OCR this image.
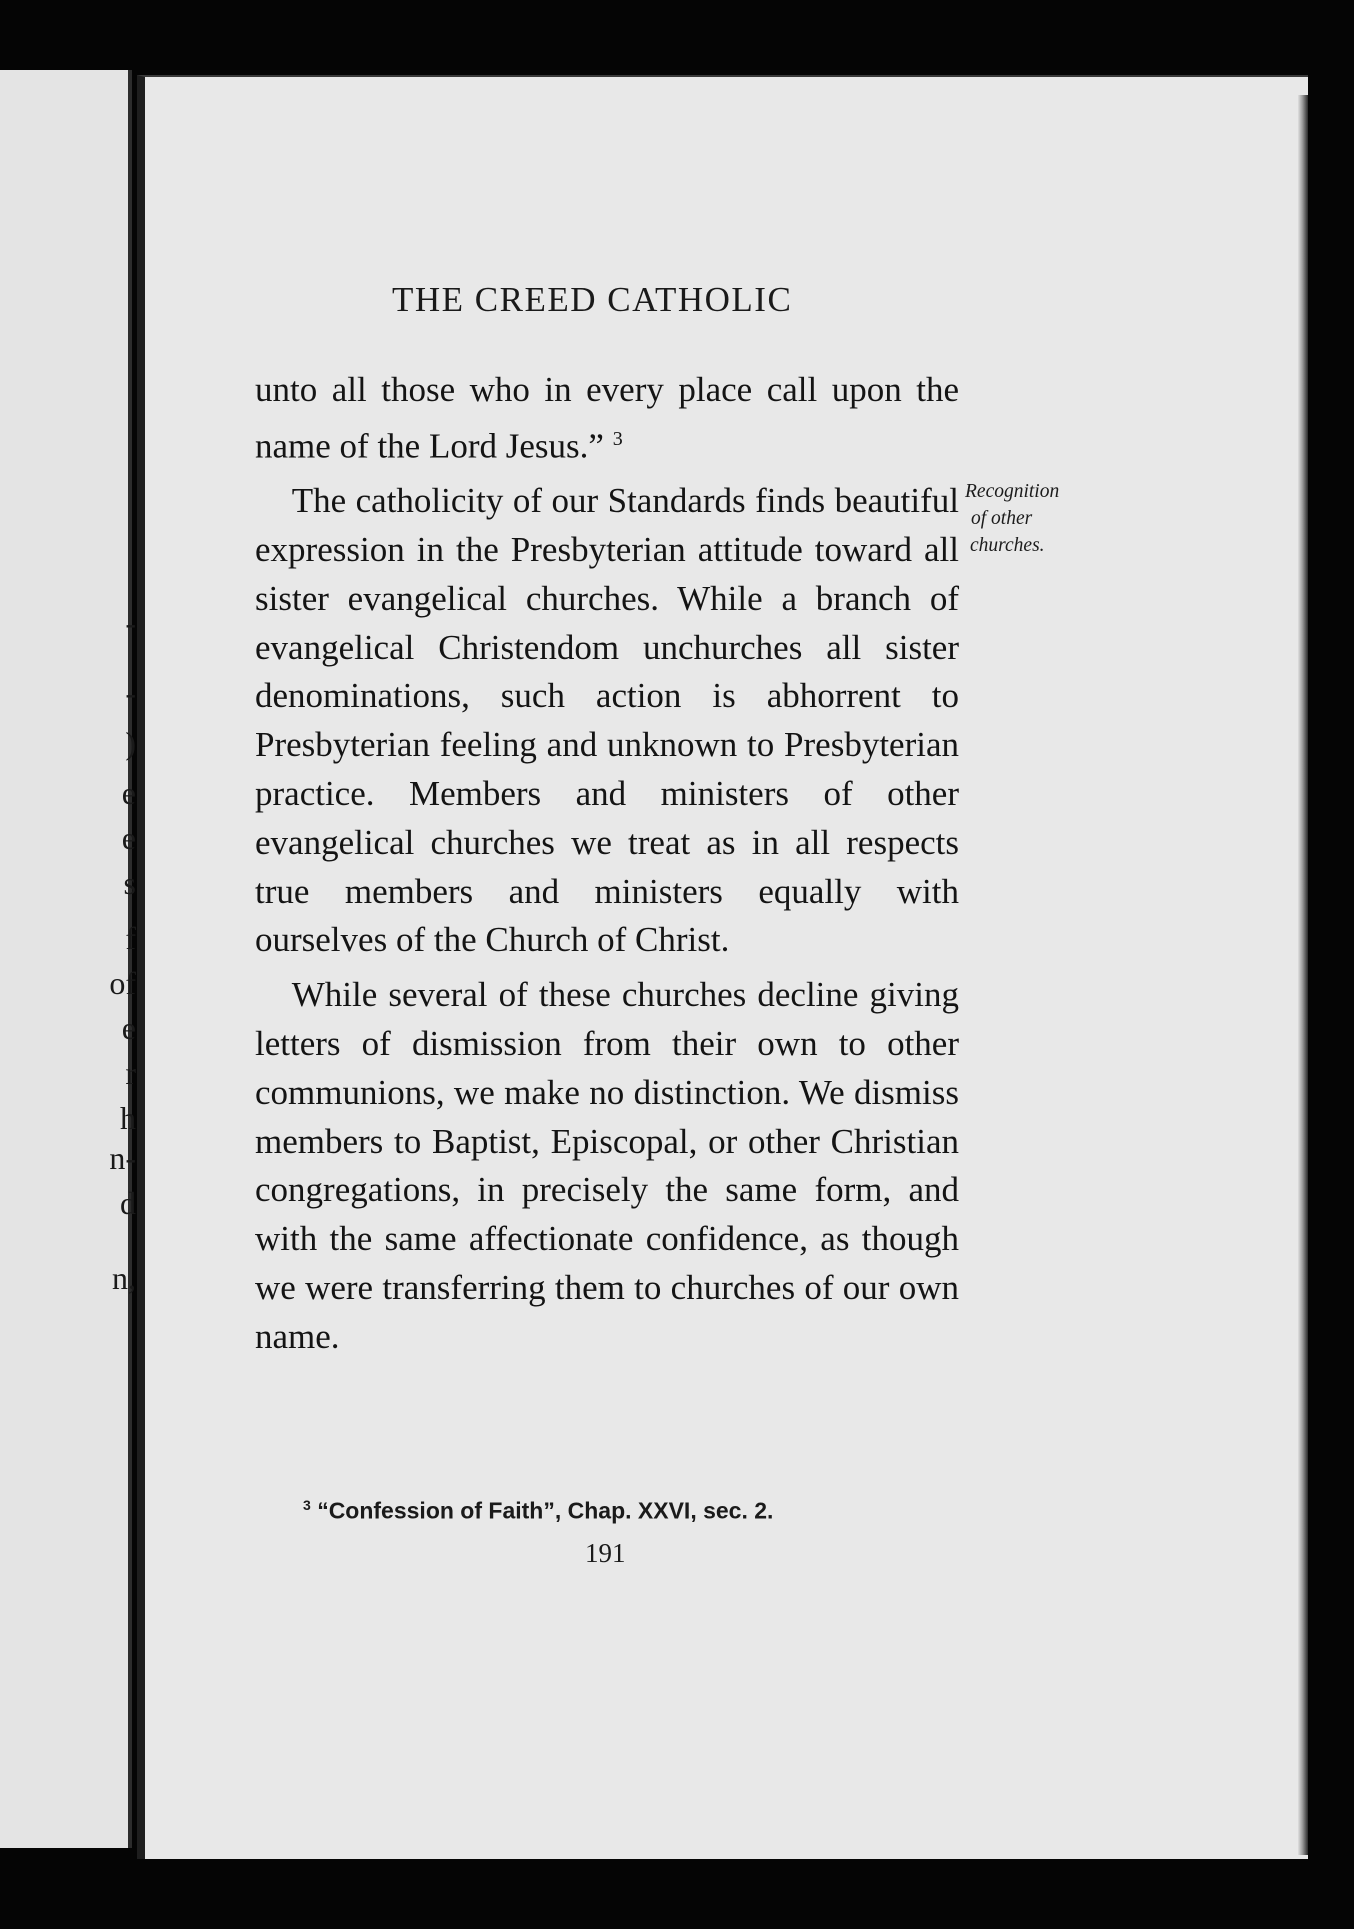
-
-
)
e
e
s
f
of
e
r
h
n-
d
n,
THE CREED CATHOLIC

unto all those who in every place call upon the name of the Lord Jesus.” $^3$

The catholicity of our Standards finds beautiful expression in the Presbyterian attitude toward all sister evangelical churches. While a branch of evangelical Christendom unchurches all sister denominations, such action is abhorrent to Presbyterian feeling and unknown to Presbyterian practice. Members and ministers of other evangelical churches we treat as in all respects true members and ministers equally with ourselves of the Church of Christ.

While several of these churches decline giving letters of dismission from their own to other communions, we make no distinction. We dismiss members to Baptist, Episcopal, or other Christian congregations, in precisely the same form, and with the same affectionate confidence, as though we were transferring them to churches of our own name.

Recognition
of other
churches.
$^3$ “Confession of Faith”, Chap. XXVI, sec. 2.
191
